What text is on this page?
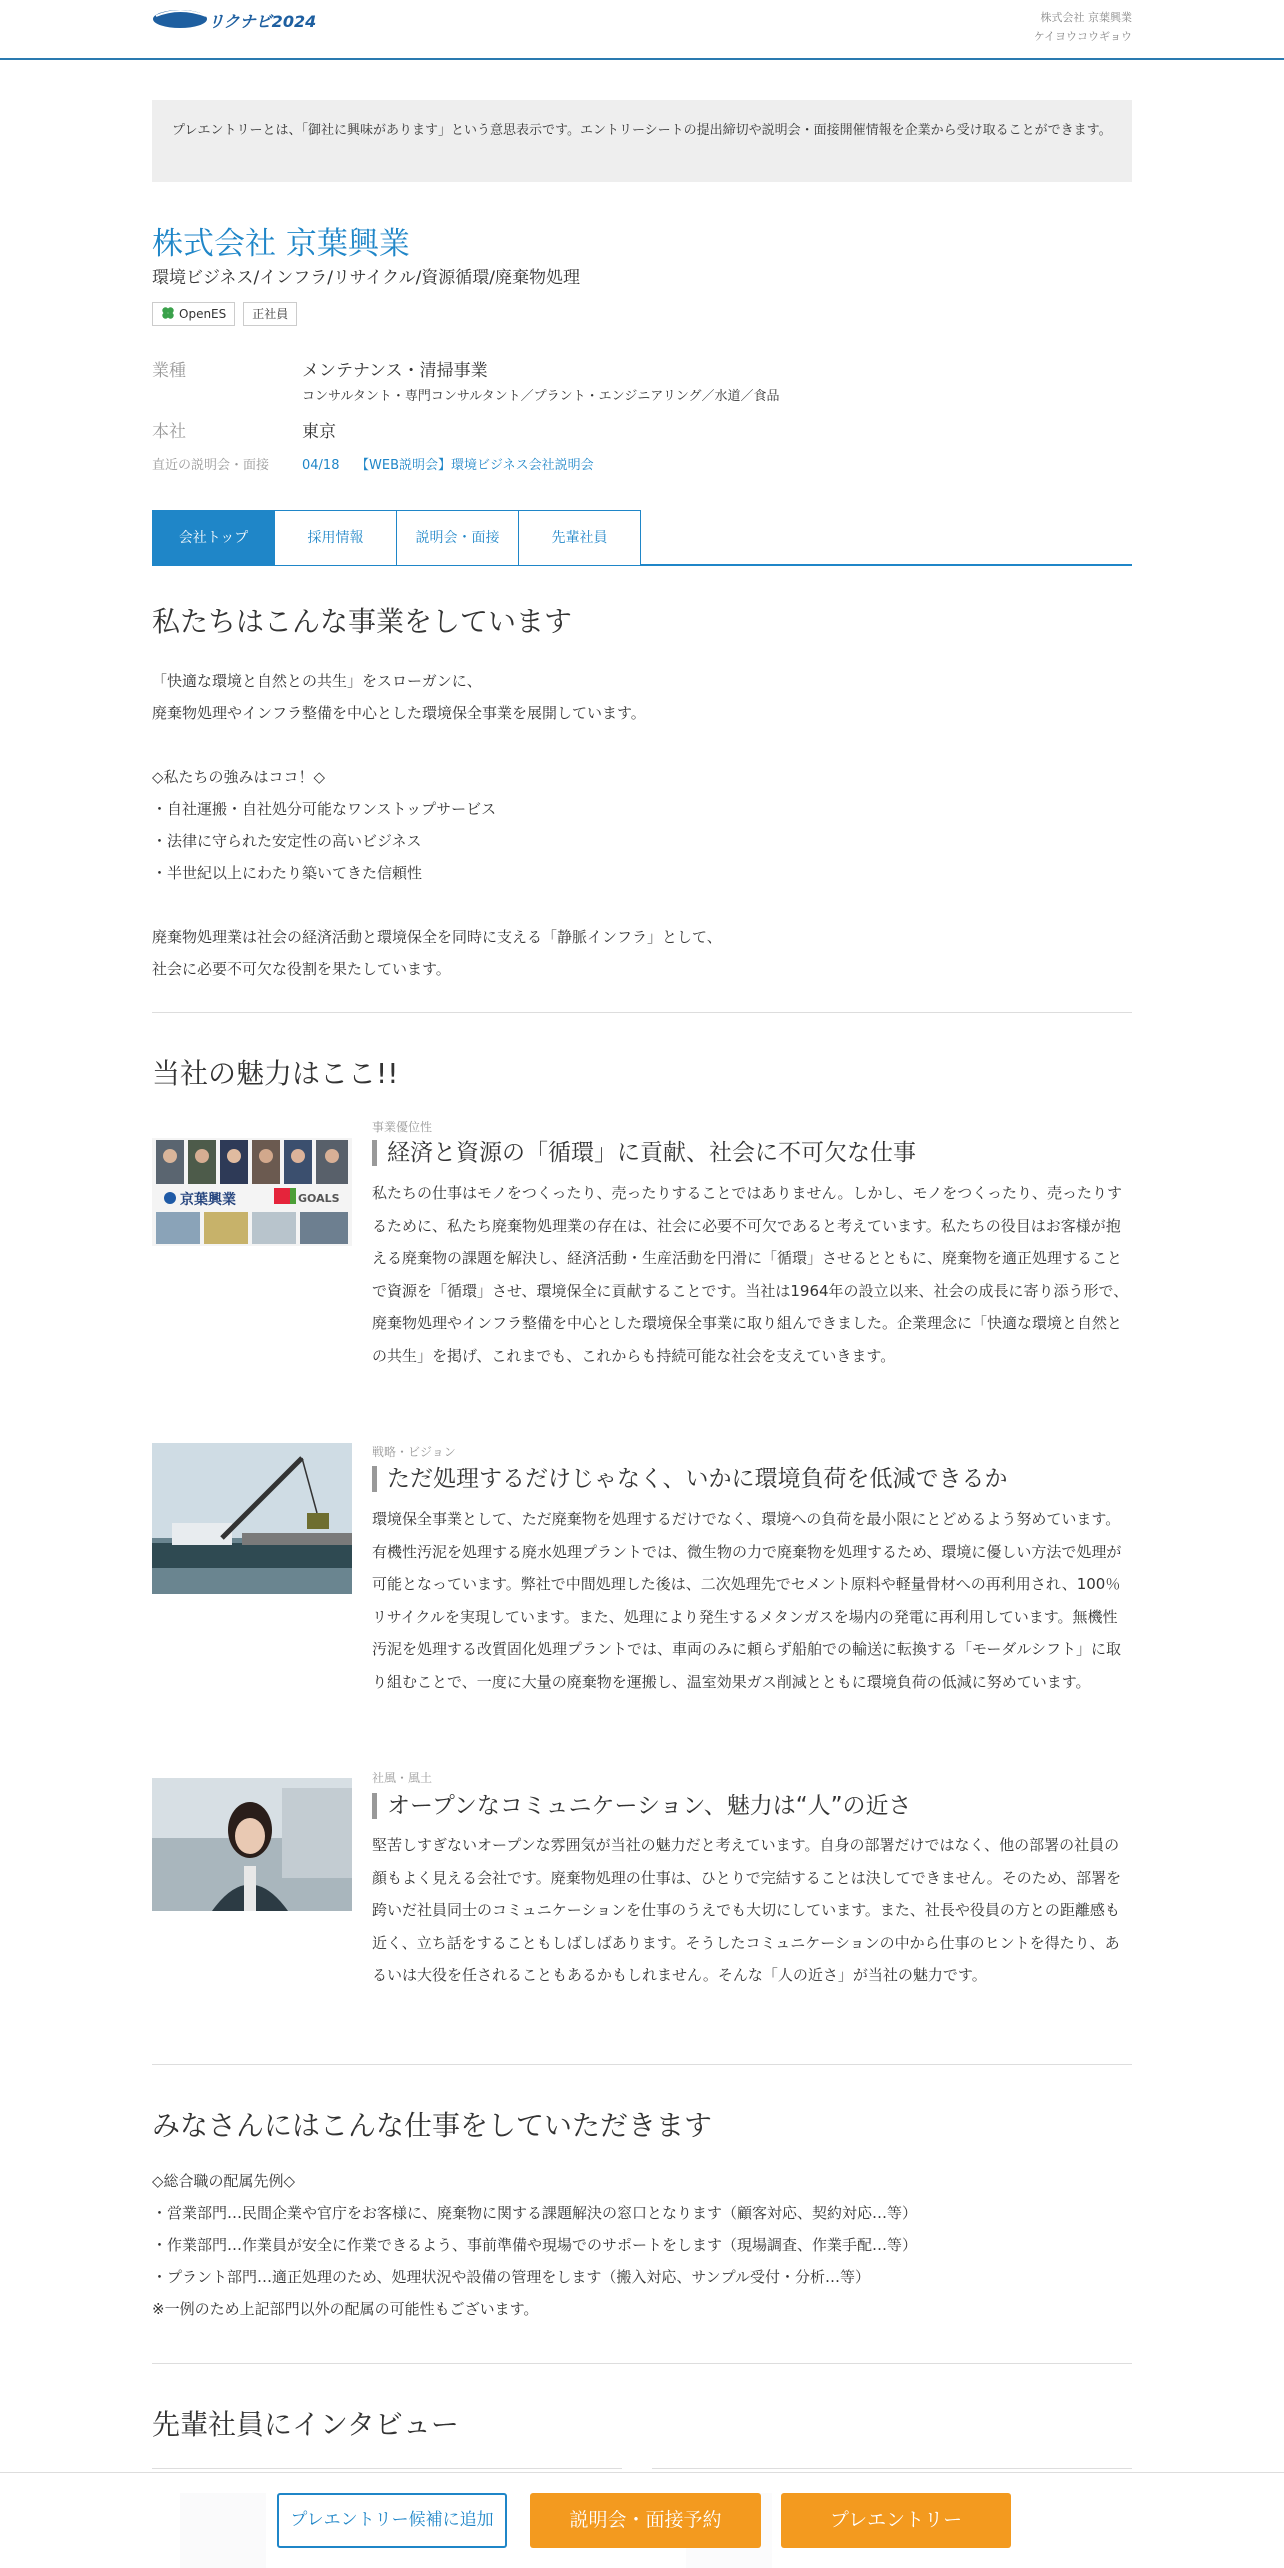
リクナビ2024	株式会社 京葉興業
ケイヨウコウギョウ
プレエントリーとは、「御社に興味があります」という意思表示です。エントリーシートの提出締切や説明会・面接開催情報を企業から受け取ることができます。
株式会社 京葉興業
環境ビジネス/インフラ/リサイクル/資源循環/廃棄物処理
OpenES 正社員
業種	メンテナンス・清掃事業
コンサルタント・専門コンサルタント／プラント・エンジニアリング／水道／食品
本社	東京
直近の説明会・面接	04/18 【WEB説明会】環境ビジネス会社説明会
会社トップ	採用情報	説明会・面接	先輩社員
私たちはこんな事業をしています
「快適な環境と自然との共生」をスローガンに、
廃棄物処理やインフラ整備を中心とした環境保全事業を展開しています。

◇私たちの強みはココ！◇
・自社運搬・自社処分可能なワンストップサービス
・法律に守られた安定性の高いビジネス
・半世紀以上にわたり築いてきた信頼性

廃棄物処理業は社会の経済活動と環境保全を同時に支える「静脈インフラ」として、
社会に必要不可欠な役割を果たしています。
当社の魅力はここ!!
京葉興業	GOALS
事業優位性
経済と資源の「循環」に貢献、社会に不可欠な仕事
私たちの仕事はモノをつくったり、売ったりすることではありません。しかし、モノをつくったり、売ったりするために、私たち廃棄物処理業の存在は、社会に必要不可欠であると考えています。私たちの役目はお客様が抱える廃棄物の課題を解決し、経済活動・生産活動を円滑に「循環」させるとともに、廃棄物を適正処理することで資源を「循環」させ、環境保全に貢献することです。当社は1964年の設立以来、社会の成長に寄り添う形で、廃棄物処理やインフラ整備を中心とした環境保全事業に取り組んできました。企業理念に「快適な環境と自然との共生」を掲げ、これまでも、これからも持続可能な社会を支えていきます。
戦略・ビジョン
ただ処理するだけじゃなく、いかに環境負荷を低減できるか
環境保全事業として、ただ廃棄物を処理するだけでなく、環境への負荷を最小限にとどめるよう努めています。有機性汚泥を処理する廃水処理プラントでは、微生物の力で廃棄物を処理するため、環境に優しい方法で処理が可能となっています。弊社で中間処理した後は、二次処理先でセメント原料や軽量骨材への再利用され、100％リサイクルを実現しています。また、処理により発生するメタンガスを場内の発電に再利用しています。無機性汚泥を処理する改質固化処理プラントでは、車両のみに頼らず船舶での輸送に転換する「モーダルシフト」に取り組むことで、一度に大量の廃棄物を運搬し、温室効果ガス削減とともに環境負荷の低減に努めています。
社風・風土
オープンなコミュニケーション、魅力は“人”の近さ
堅苦しすぎないオープンな雰囲気が当社の魅力だと考えています。自身の部署だけではなく、他の部署の社員の顔もよく見える会社です。廃棄物処理の仕事は、ひとりで完結することは決してできません。そのため、部署を跨いだ社員同士のコミュニケーションを仕事のうえでも大切にしています。また、社長や役員の方との距離感も近く、立ち話をすることもしばしばあります。そうしたコミュニケーションの中から仕事のヒントを得たり、あるいは大役を任されることもあるかもしれません。そんな「人の近さ」が当社の魅力です。
みなさんにはこんな仕事をしていただきます
◇総合職の配属先例◇
・営業部門…民間企業や官庁をお客様に、廃棄物に関する課題解決の窓口となります（顧客対応、契約対応…等）
・作業部門…作業員が安全に作業できるよう、事前準備や現場でのサポートをします（現場調査、作業手配…等）
・プラント部門…適正処理のため、処理状況や設備の管理をします（搬入対応、サンプル受付・分析…等）
※一例のため上記部門以外の配属の可能性もございます。
先輩社員にインタビュー
プレエントリー候補に追加	説明会・面接予約	プレエントリー
